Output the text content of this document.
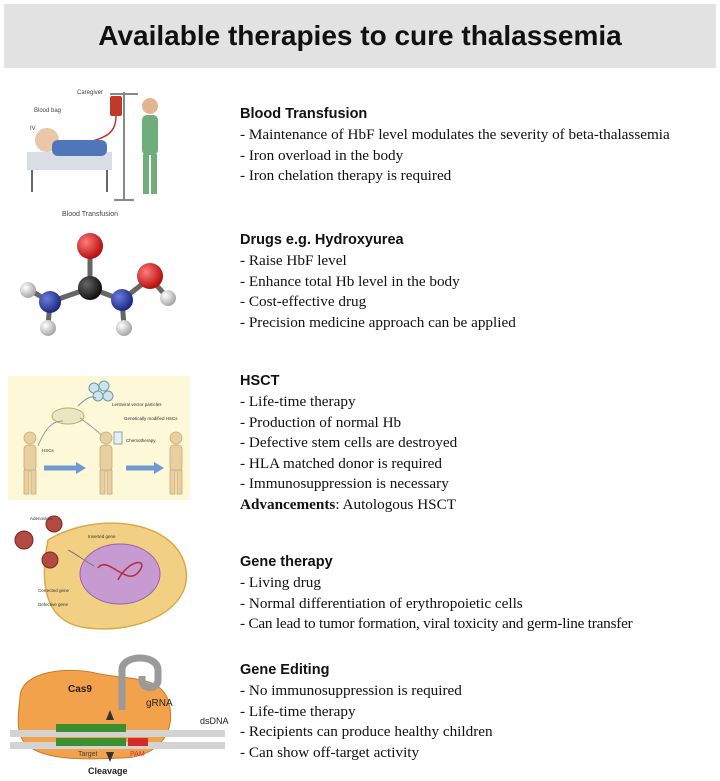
Available therapies to cure thalassemia
Caregiver
Blood bag
IV
Blood Transfusion
Lentiviral vector particles
Genetically modified HSCs
HSCs
Chemotherapy
Adenovirus
Inserted gene
Corrected gene
Defective gene
Cas9
gRNA
dsDNA
Target	PAM
Cleavage
Blood Transfusion
- Maintenance of HbF level modulates the severity of beta-thalassemia
- Iron overload in the body
- Iron chelation therapy is required
Drugs e.g. Hydroxyurea
- Raise HbF level
- Enhance total Hb level in the body
- Cost-effective drug
- Precision medicine approach can be applied
HSCT
- Life-time therapy
- Production of normal Hb
- Defective stem cells are destroyed
- HLA matched donor is required
- Immunosuppression is necessary
Advancements: Autologous HSCT
Gene therapy
- Living drug
- Normal differentiation of erythropoietic cells
- Can lead to tumor formation, viral toxicity and germ-line transfer
Gene Editing
- No immunosuppression is required
- Life-time therapy
- Recipients can produce healthy children
- Can show off-target activity
